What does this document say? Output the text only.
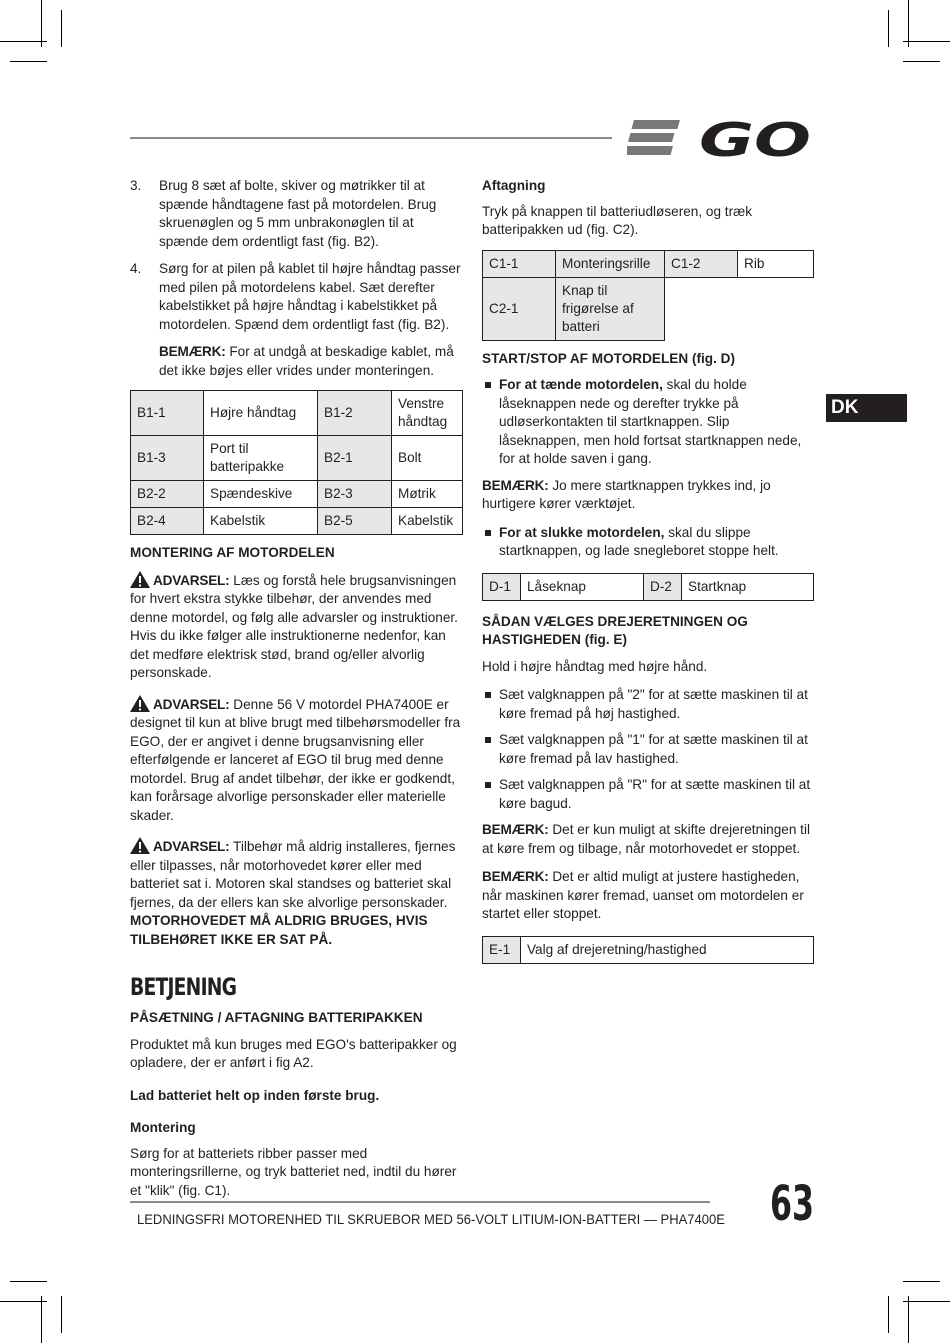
GO
DK
3. Brug 8 sæt af bolte, skiver og møtrikker til at spænde håndtagene fast på motordelen. Brug skruenøglen og 5 mm unbrakonøglen til at spænde dem ordentligt fast (fig. B2).
4. Sørg for at pilen på kablet til højre håndtag passer med pilen på motordelens kabel. Sæt derefter kabelstikket på højre håndtag i kabelstikket på motordelen. Spænd dem ordentligt fast (fig. B2).

BEMÆRK: For at undgå at beskadige kablet, må det ikke bøjes eller vrides under monteringen.

B1-1	Højre håndtag	B1-2	Venstre håndtag
B1-3	Port til batteripakke	B2-1	Bolt
B2-2	Spændeskive	B2-3	Møtrik
B2-4	Kabelstik	B2-5	Kabelstik

MONTERING AF MOTORDELEN

ADVARSEL: Læs og forstå hele brugsanvisningen for hvert ekstra stykke tilbehør, der anvendes med denne motordel, og følg alle advarsler og instruktioner. Hvis du ikke følger alle instruktionerne nedenfor, kan det medføre elektrisk stød, brand og/eller alvorlig personskade.

ADVARSEL: Denne 56 V motordel PHA7400E er designet til kun at blive brugt med tilbehørsmodeller fra EGO, der er angivet i denne brugsanvisning eller efterfølgende er lanceret af EGO til brug med denne motordel. Brug af andet tilbehør, der ikke er godkendt, kan forårsage alvorlige personskader eller materielle skader.

ADVARSEL: Tilbehør må aldrig installeres, fjernes eller tilpasses, når motorhovedet kører eller med batteriet sat i. Motoren skal standses og batteriet skal fjernes, da der ellers kan ske alvorlige personskader. MOTORHOVEDET MÅ ALDRIG BRUGES, HVIS TILBEHØRET IKKE ER SAT PÅ.

BETJENING

PÅSÆTNING / AFTAGNING BATTERIPAKKEN

Produktet må kun bruges med EGO's batteripakker og opladere, der er anført i fig A2.

Lad batteriet helt op inden første brug.

Montering

Sørg for at batteriets ribber passer med monteringsrillerne, og tryk batteriet ned, indtil du hører et "klik" (fig. C1).

Aftagning

Tryk på knappen til batteriudløseren, og træk batteripakken ud (fig. C2).

C1-1	Monteringsrille	C1-2	Rib
C2-1	Knap til frigørelse af batteri		

START/STOP AF MOTORDELEN (fig. D)

For at tænde motordelen, skal du holde låseknappen nede og derefter trykke på udløserkontakten til startknappen. Slip låseknappen, men hold fortsat startknappen nede, for at holde saven i gang.

BEMÆRK: Jo mere startknappen trykkes ind, jo hurtigere kører værktøjet.

For at slukke motordelen, skal du slippe startknappen, og lade snegleboret stoppe helt.
D-1	Låseknap	D-2	Startknap

SÅDAN VÆLGES DREJERETNINGEN OG HASTIGHEDEN (fig. E)

Hold i højre håndtag med højre hånd.

Sæt valgknappen på "2" for at sætte maskinen til at køre fremad på høj hastighed.
Sæt valgknappen på "1" for at sætte maskinen til at køre fremad på lav hastighed.
Sæt valgknappen på "R" for at sætte maskinen til at køre bagud.

BEMÆRK: Det er kun muligt at skifte drejeretningen til at køre frem og tilbage, når motorhovedet er stoppet.

BEMÆRK: Det er altid muligt at justere hastigheden, når maskinen kører fremad, uanset om motordelen er startet eller stoppet.

E-1	Valg af drejeretning/hastighed
LEDNINGSFRI MOTORENHED TIL SKRUEBOR MED 56-VOLT LITIUM-ION-BATTERI — PHA7400E 63
